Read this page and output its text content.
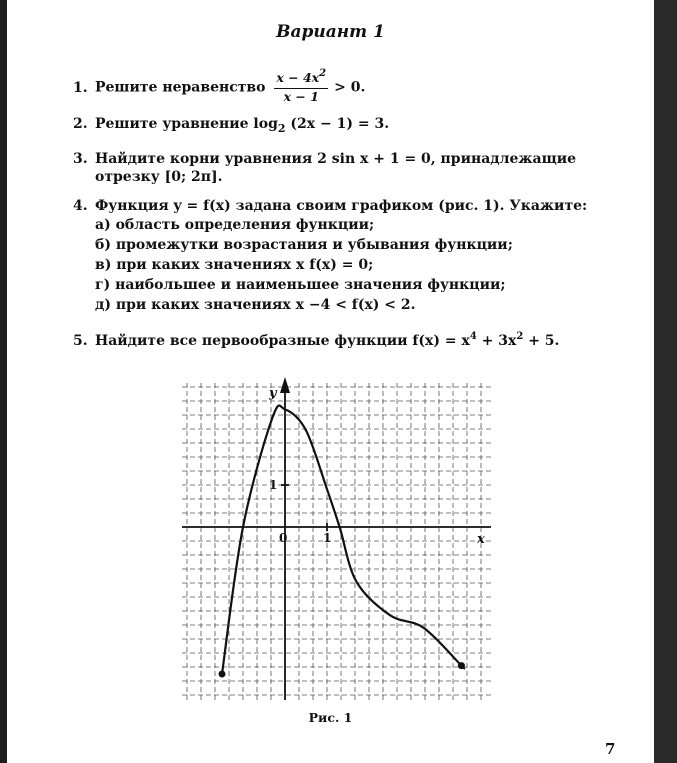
Вариант 1
1. Решите неравенство $\frac{x - 4x^2}{x - 1} > 0$.
2. Решите уравнение $\log_2 (2x - 1) = 3$.
3. Найдите корни уравнения 2 sin x + 1 = 0, принадлежащие
отрезку [0; 2π].
4. Функция y = f(x) задана своим графиком (рис. 1). Укажите:
а) область определения функции;
б) промежутки возрастания и убывания функции;
в) при каких значениях x f(x) = 0;
г) наибольшее и наименьшее значения функции;
д) при каких значениях x −4 < f(x) < 2.
5. Найдите все первообразные функции $f(x) = x^4 + 3x^2 + 5$.
y
x
0	1
1
Рис. 1
7
